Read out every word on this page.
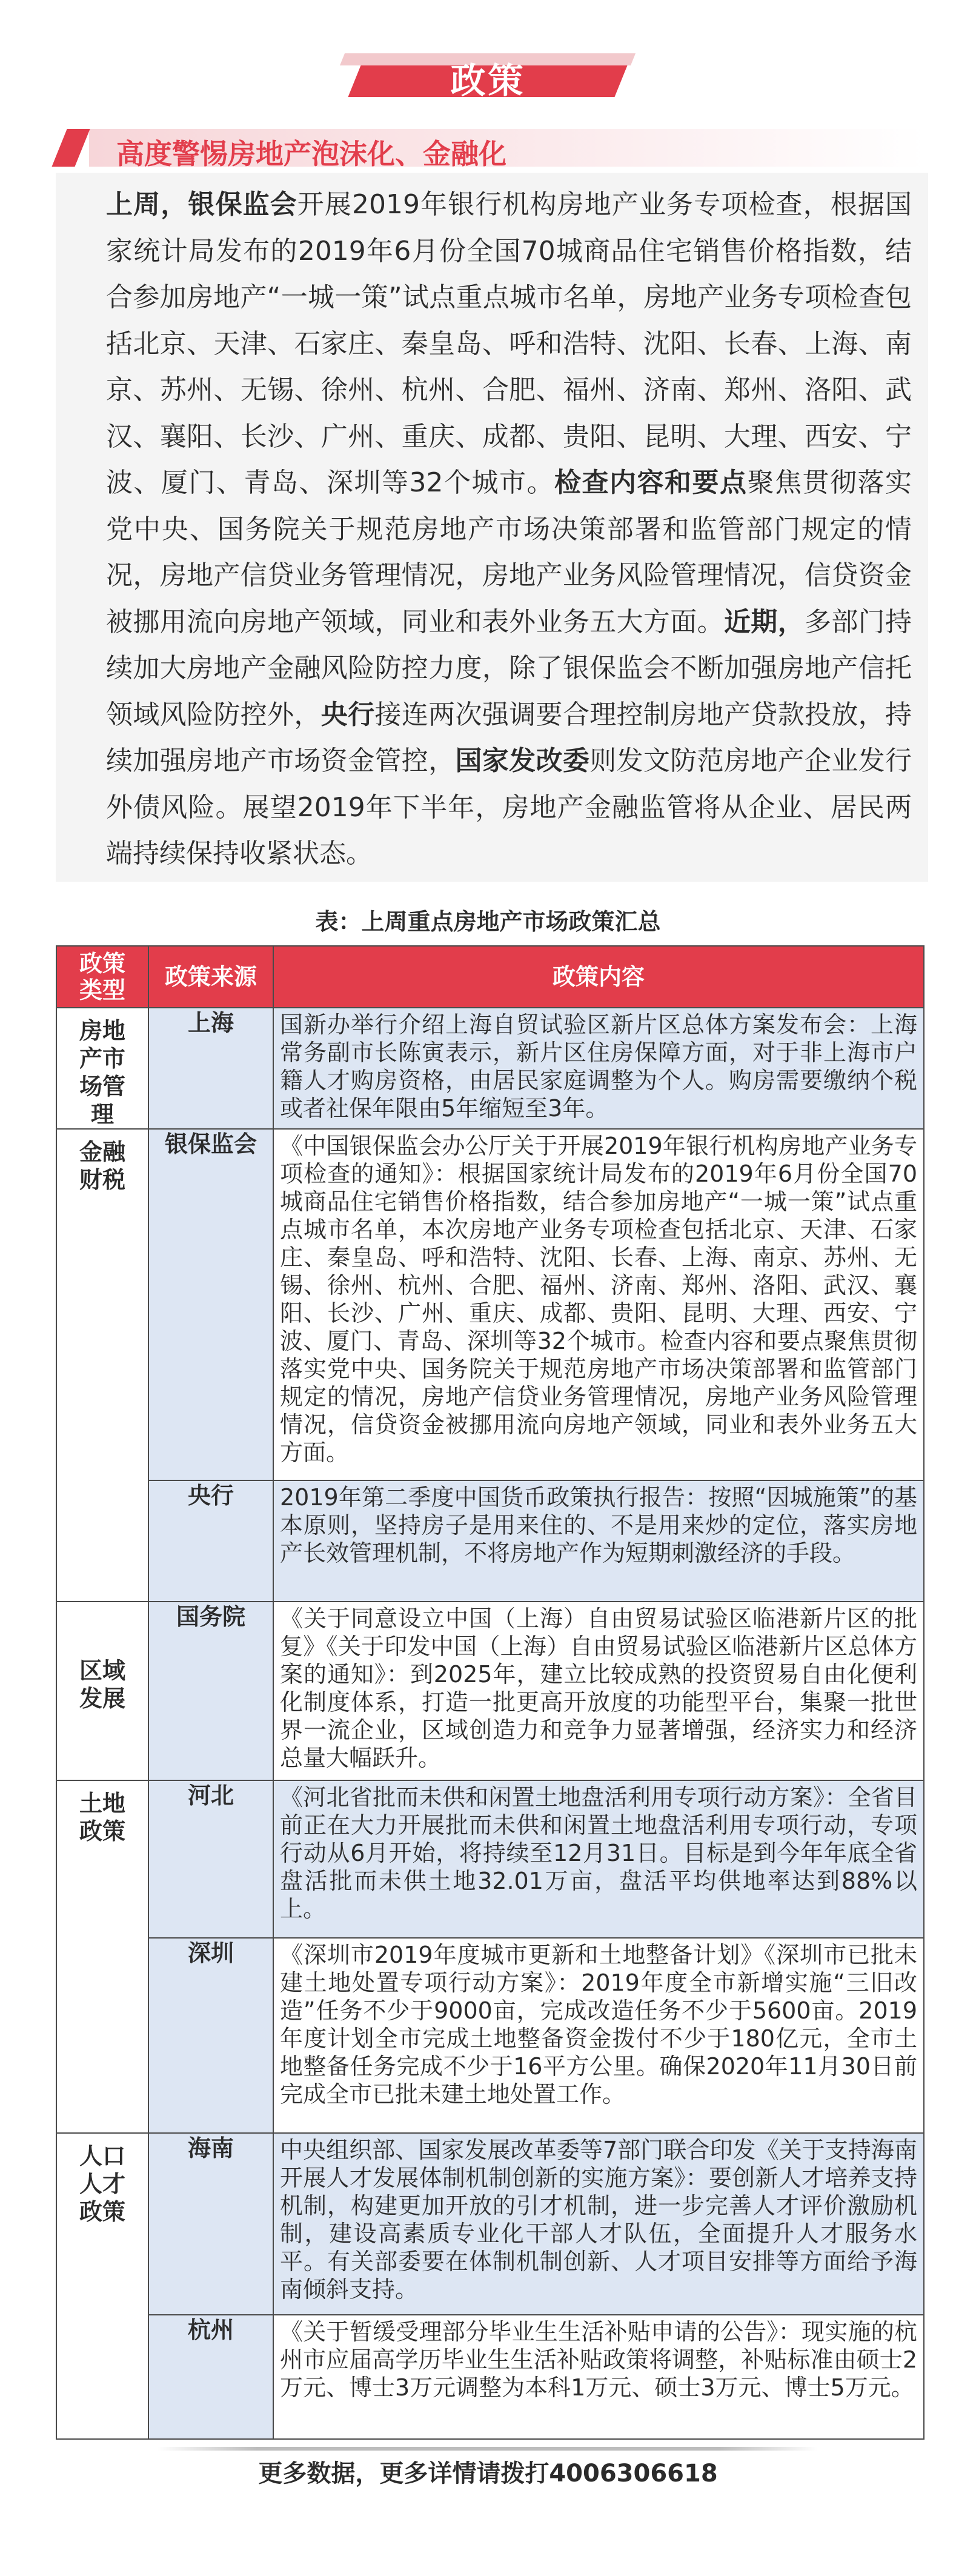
政策
高度警惕房地产泡沫化、金融化
上周，银保监会开展2019年银行机构房地产业务专项检查，根据国家统计局发布的2019年6月份全国70城商品住宅销售价格指数，结合参加房地产“一城一策”试点重点城市名单，房地产业务专项检查包括北京、天津、石家庄、秦皇岛、呼和浩特、沈阳、长春、上海、南京、苏州、无锡、徐州、杭州、合肥、福州、济南、郑州、洛阳、武汉、襄阳、长沙、广州、重庆、成都、贵阳、昆明、大理、西安、宁波、厦门、青岛、深圳等32个城市。检查内容和要点聚焦贯彻落实党中央、国务院关于规范房地产市场决策部署和监管部门规定的情况，房地产信贷业务管理情况，房地产业务风险管理情况，信贷资金被挪用流向房地产领域，同业和表外业务五大方面。近期，多部门持续加大房地产金融风险防控力度，除了银保监会不断加强房地产信托领域风险防控外，央行接连两次强调要合理控制房地产贷款投放，持续加强房地产市场资金管控，国家发改委则发文防范房地产企业发行外债风险。展望2019年下半年，房地产金融监管将从企业、居民两端持续保持收紧状态。
表：上周重点房地产市场政策汇总
政策类型	政策来源	政策内容
房地产市场管理	上海	国新办举行介绍上海自贸试验区新片区总体方案发布会：上海常务副市长陈寅表示，新片区住房保障方面，对于非上海市户籍人才购房资格，由居民家庭调整为个人。购房需要缴纳个税或者社保年限由5年缩短至3年。
金融财税	银保监会	《中国银保监会办公厅关于开展2019年银行机构房地产业务专项检查的通知》：根据国家统计局发布的2019年6月份全国70城商品住宅销售价格指数，结合参加房地产“一城一策”试点重点城市名单，本次房地产业务专项检查包括北京、天津、石家庄、秦皇岛、呼和浩特、沈阳、长春、上海、南京、苏州、无锡、徐州、杭州、合肥、福州、济南、郑州、洛阳、武汉、襄阳、长沙、广州、重庆、成都、贵阳、昆明、大理、西安、宁波、厦门、青岛、深圳等32个城市。检查内容和要点聚焦贯彻落实党中央、国务院关于规范房地产市场决策部署和监管部门规定的情况，房地产信贷业务管理情况，房地产业务风险管理情况，信贷资金被挪用流向房地产领域，同业和表外业务五大方面。
	央行	2019年第二季度中国货币政策执行报告：按照“因城施策”的基本原则，坚持房子是用来住的、不是用来炒的定位，落实房地产长效管理机制，不将房地产作为短期刺激经济的手段。
区域发展	国务院	《关于同意设立中国（上海）自由贸易试验区临港新片区的批复》《关于印发中国（上海）自由贸易试验区临港新片区总体方案的通知》：到2025年，建立比较成熟的投资贸易自由化便利化制度体系，打造一批更高开放度的功能型平台，集聚一批世界一流企业，区域创造力和竞争力显著增强，经济实力和经济总量大幅跃升。
土地政策	河北	《河北省批而未供和闲置土地盘活利用专项行动方案》：全省目前正在大力开展批而未供和闲置土地盘活利用专项行动，专项行动从6月开始，将持续至12月31日。目标是到今年年底全省盘活批而未供土地32.01万亩，盘活平均供地率达到88%以上。
	深圳	《深圳市2019年度城市更新和土地整备计划》《深圳市已批未建土地处置专项行动方案》：2019年度全市新增实施“三旧改造”任务不少于9000亩，完成改造任务不少于5600亩。2019年度计划全市完成土地整备资金拨付不少于180亿元，全市土地整备任务完成不少于16平方公里。确保2020年11月30日前完成全市已批未建土地处置工作。
人口人才政策	海南	中央组织部、国家发展改革委等7部门联合印发《关于支持海南开展人才发展体制机制创新的实施方案》：要创新人才培养支持机制，构建更加开放的引才机制，进一步完善人才评价激励机制，建设高素质专业化干部人才队伍，全面提升人才服务水平。有关部委要在体制机制创新、人才项目安排等方面给予海南倾斜支持。
	杭州	《关于暂缓受理部分毕业生生活补贴申请的公告》：现实施的杭州市应届高学历毕业生生活补贴政策将调整，补贴标准由硕士2万元、博士3万元调整为本科1万元、硕士3万元、博士5万元。
更多数据，更多详情请拨打4006306618
